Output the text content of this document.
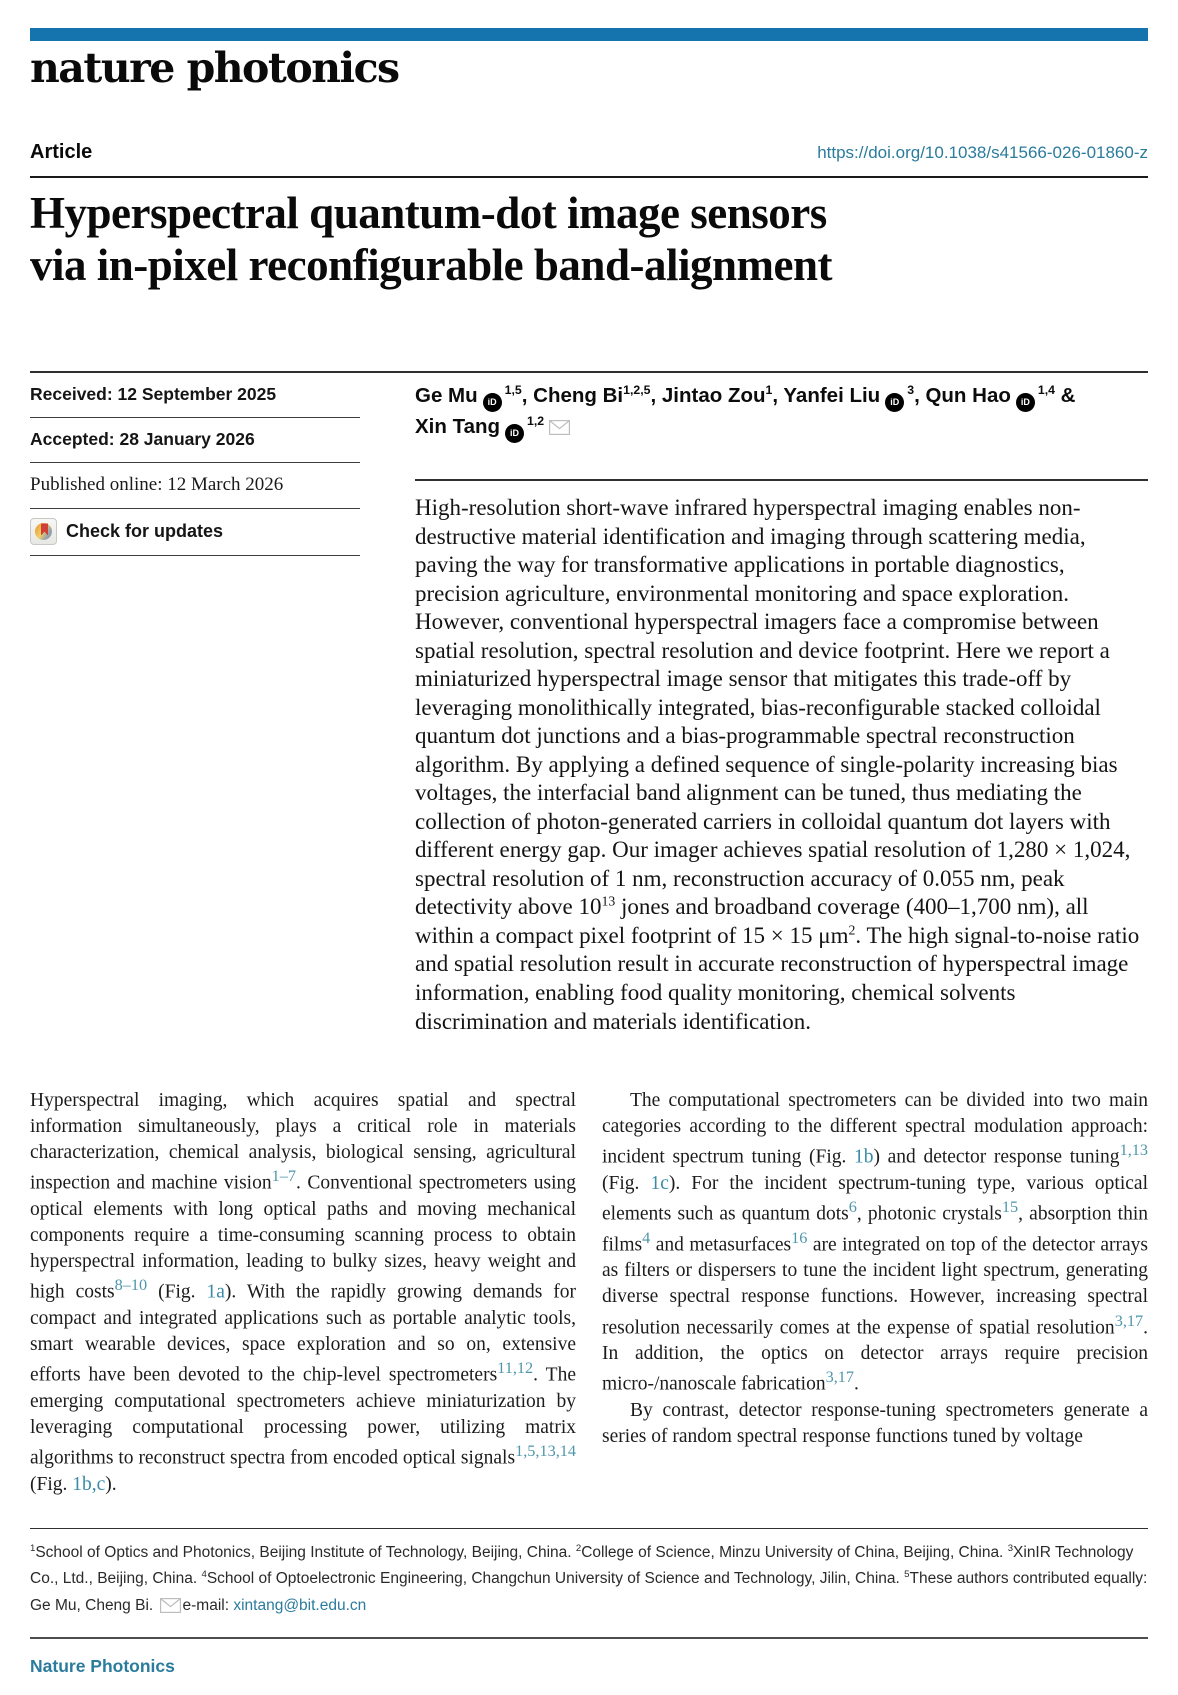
nature photonics
Article	https://doi.org/10.1038/s41566-026-01860-z
Hyperspectral quantum-dot image sensors
via in-pixel reconfigurable band-alignment
Received: 12 September 2025
Accepted: 28 January 2026
Published online: 12 March 2026
Check for updates
Ge Mu iD$^{1,5}$, Cheng Bi$^{1,2,5}$, Jintao Zou$^1$, Yanfei Liu $iD^3$, Qun Hao iD$^{1,4}$ &
Xin Tang iD$^{1,2}$
High-resolution short-wave infrared hyperspectral imaging enables non-destructive material identification and imaging through scattering media, paving the way for transformative applications in portable diagnostics, precision agriculture, environmental monitoring and space exploration. However, conventional hyperspectral imagers face a compromise between spatial resolution, spectral resolution and device footprint. Here we report a miniaturized hyperspectral image sensor that mitigates this trade-off by leveraging monolithically integrated, bias-reconfigurable stacked colloidal quantum dot junctions and a bias-programmable spectral reconstruction algorithm. By applying a defined sequence of single-polarity increasing bias voltages, the interfacial band alignment can be tuned, thus mediating the collection of photon-generated carriers in colloidal quantum dot layers with different energy gap. Our imager achieves spatial resolution of 1,280 × 1,024, spectral resolution of 1 nm, reconstruction accuracy of 0.055 nm, peak detectivity above $10^{13}$ jones and broadband coverage (400–1,700 nm), all within a compact pixel footprint of 15 × 15 $\mu m^2$. The high signal-to-noise ratio and spatial resolution result in accurate reconstruction of hyperspectral image information, enabling food quality monitoring, chemical solvents discrimination and materials identification.

Hyperspectral imaging, which acquires spatial and spectral information simultaneously, plays a critical role in materials characterization, chemical analysis, biological sensing, agricultural inspection and machine vision$^{1-7}$. Conventional spectrometers using optical elements with long optical paths and moving mechanical components require a time-consuming scanning process to obtain hyperspectral information, leading to bulky sizes, heavy weight and high costs$^{8-10}$ (Fig. 1a). With the rapidly growing demands for compact and integrated applications such as portable analytic tools, smart wearable devices, space exploration and so on, extensive efforts have been devoted to the chip-level spectrometers$^{11,12}$. The emerging computational spectrometers achieve miniaturization by leveraging computational processing power, utilizing matrix algorithms to reconstruct spectra from encoded optical signals$^{1,5,13,14}$ (Fig. 1b,c).

The computational spectrometers can be divided into two main categories according to the different spectral modulation approach: incident spectrum tuning (Fig. 1b) and detector response tuning$^{1,13}$ (Fig. 1c). For the incident spectrum-tuning type, various optical elements such as quantum dots$^6$, photonic crystals$^{15}$, absorption thin films$^4$ and metasurfaces$^{16}$ are integrated on top of the detector arrays as filters or dispersers to tune the incident light spectrum, generating diverse spectral response functions. However, increasing spectral resolution necessarily comes at the expense of spatial resolution$^{3,17}$. In addition, the optics on detector arrays require precision micro-/nanoscale fabrication$^{3,17}$.

By contrast, detector response-tuning spectrometers generate a series of random spectral response functions tuned by voltage

$^1$School of Optics and Photonics, Beijing Institute of Technology, Beijing, China. $^2$College of Science, Minzu University of China, Beijing, China. $^3$XinIR Technology Co., Ltd., Beijing, China. $^4$School of Optoelectronic Engineering, Changchun University of Science and Technology, Jilin, China. $^5$These authors contributed equally: Ge Mu, Cheng Bi. e-mail: xintang@bit.edu.cn
Nature Photonics
